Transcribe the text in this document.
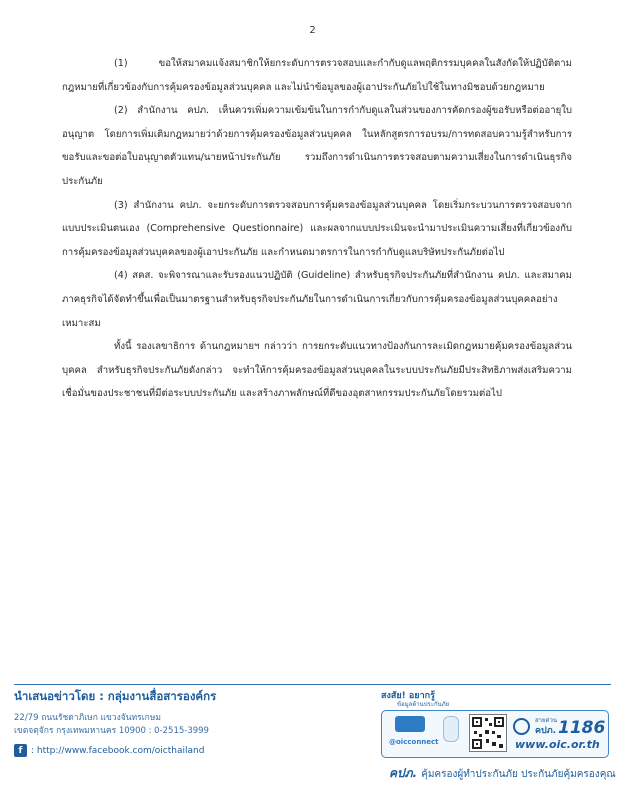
2

(1) ขอให้สมาคมแจ้งสมาชิกให้ยกระดับการตรวจสอบและกำกับดูแลพฤติกรรมบุคคลในสังกัดให้ปฏิบัติตามกฎหมายที่เกี่ยวข้องกับการคุ้มครองข้อมูลส่วนบุคคล และไม่นำข้อมูลของผู้เอาประกันภัยไปใช้ในทางมิชอบด้วยกฎหมาย

(2) สำนักงาน คปภ. เห็นควรเพิ่มความเข้มข้นในการกำกับดูแลในส่วนของการคัดกรองผู้ขอรับหรือต่ออายุใบอนุญาต โดยการเพิ่มเติมกฎหมายว่าด้วยการคุ้มครองข้อมูลส่วนบุคคล ในหลักสูตรการอบรม/การทดสอบความรู้สำหรับการขอรับและขอต่อใบอนุญาตตัวแทน/นายหน้าประกันภัย รวมถึงการดำเนินการตรวจสอบตามความเสี่ยงในการดำเนินธุรกิจประกันภัย

(3) สำนักงาน คปภ. จะยกระดับการตรวจสอบการคุ้มครองข้อมูลส่วนบุคคล โดยเริ่มกระบวนการตรวจสอบจากแบบประเมินตนเอง (Comprehensive Questionnaire) และผลจากแบบประเมินจะนำมาประเมินความเสี่ยงที่เกี่ยวข้องกับการคุ้มครองข้อมูลส่วนบุคคลของผู้เอาประกันภัย และกำหนดมาตรการในการกำกับดูแลบริษัทประกันภัยต่อไป

(4) สคส. จะพิจารณาและรับรองแนวปฏิบัติ (Guideline) สำหรับธุรกิจประกันภัยที่สำนักงาน คปภ. และสมาคมภาคธุรกิจได้จัดทำขึ้นเพื่อเป็นมาตรฐานสำหรับธุรกิจประกันภัยในการดำเนินการเกี่ยวกับการคุ้มครองข้อมูลส่วนบุคคลอย่างเหมาะสม

ทั้งนี้ รองเลขาธิการ ด้านกฎหมายฯ กล่าวว่า การยกระดับแนวทางป้องกันการละเมิดกฎหมายคุ้มครองข้อมูลส่วนบุคคล สำหรับธุรกิจประกันภัยดังกล่าว จะทำให้การคุ้มครองข้อมูลส่วนบุคคลในระบบประกันภัยมีประสิทธิภาพส่งเสริมความเชื่อมั่นของประชาชนที่มีต่อระบบประกันภัย และสร้างภาพลักษณ์ที่ดีของอุตสาหกรรมประกันภัยโดยรวมต่อไป

นำเสนอข่าวโดย : กลุ่มงานสื่อสารองค์กร

22/79 ถนนรัชดาภิเษก แขวงจันทรเกษม

เขตจตุจักร กรุงเทพมหานคร 10900 : 0-2515-3999

f : http://www.facebook.com/oicthailand
สงสัย! อยากรู้
ข้อมูลด้านประกันภัย
@oicconnect
สายด่วน
คปภ. 1186
www.oic.or.th
คปภ. คุ้มครองผู้ทำประกันภัย ประกันภัยคุ้มครองคุณ
